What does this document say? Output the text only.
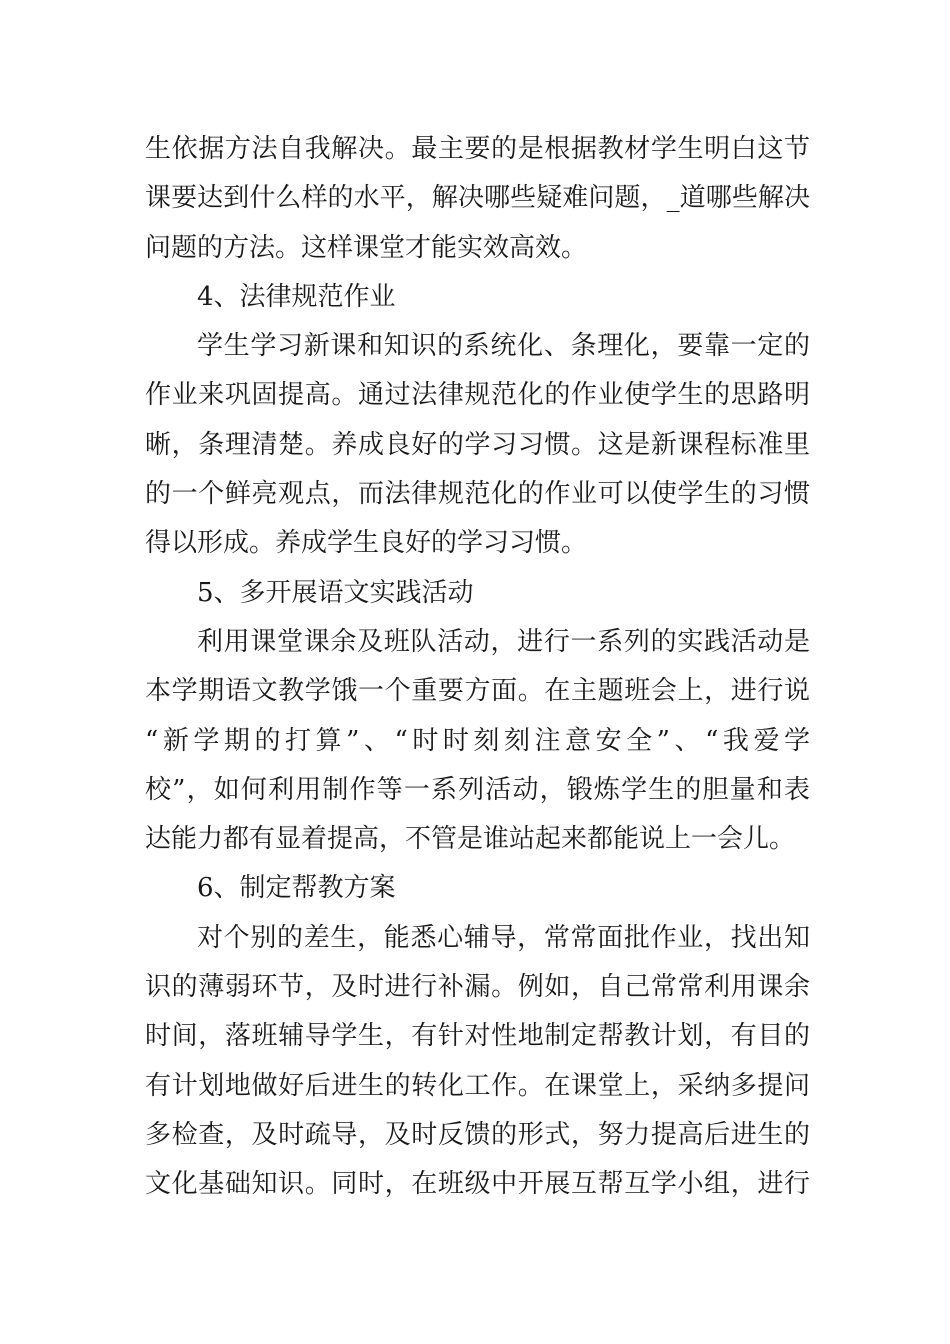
生依据方法自我解决。最主要的是根据教材学生明白这节
课要达到什么样的水平，解决哪些疑难问题，_道哪些解决
问题的方法。这样课堂才能实效高效。
4、法律规范作业
学生学习新课和知识的系统化、条理化，要靠一定的
作业来巩固提高。通过法律规范化的作业使学生的思路明
晰，条理清楚。养成良好的学习习惯。这是新课程标准里
的一个鲜亮观点，而法律规范化的作业可以使学生的习惯
得以形成。养成学生良好的学习习惯。
5、多开展语文实践活动
利用课堂课余及班队活动，进行一系列的实践活动是
本学期语文教学饿一个重要方面。在主题班会上，进行说
“新学期的打算”、“时时刻刻注意安全”、“我爱学
校”，如何利用制作等一系列活动，锻炼学生的胆量和表
达能力都有显着提高，不管是谁站起来都能说上一会儿。
6、制定帮教方案
对个别的差生，能悉心辅导，常常面批作业，找出知
识的薄弱环节，及时进行补漏。例如，自己常常利用课余
时间，落班辅导学生，有针对性地制定帮教计划，有目的
有计划地做好后进生的转化工作。在课堂上，采纳多提问
多检查，及时疏导，及时反馈的形式，努力提高后进生的
文化基础知识。同时，在班级中开展互帮互学小组，进行
